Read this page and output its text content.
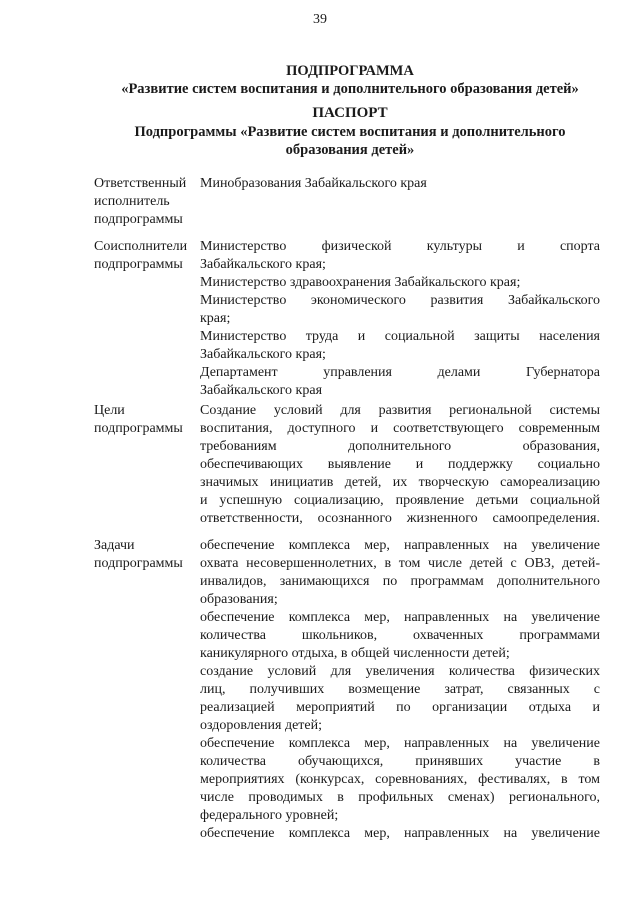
39
ПОДПРОГРАММА
«Развитие систем воспитания и дополнительного образования детей»
ПАСПОРТ
Подпрограммы «Развитие систем воспитания и дополнительного
образования детей»
Ответственный
исполнитель
подпрограммы
Минобразования Забайкальского края
Соисполнители
подпрограммы
Министерство физической культуры и спорта
Забайкальского края;
Министерство здравоохранения Забайкальского края;
Министерство экономического развития Забайкальского
края;
Министерство труда и социальной защиты населения
Забайкальского края;
Департамент управления делами Губернатора
Забайкальского края
Цели
подпрограммы
Создание условий для развития региональной системы
воспитания, доступного и соответствующего современным
требованиям дополнительного образования,
обеспечивающих выявление и поддержку социально
значимых инициатив детей, их творческую самореализацию
и успешную социализацию, проявление детьми социальной
ответственности, осознанного жизненного самоопределения.
Задачи
подпрограммы
обеспечение комплекса мер, направленных на увеличение
охвата несовершеннолетних, в том числе детей с ОВЗ, детей-
инвалидов, занимающихся по программам дополнительного
образования;
обеспечение комплекса мер, направленных на увеличение
количества школьников, охваченных программами
каникулярного отдыха, в общей численности детей;
создание условий для увеличения количества физических
лиц, получивших возмещение затрат, связанных с
реализацией мероприятий по организации отдыха и
оздоровления детей;
обеспечение комплекса мер, направленных на увеличение
количества обучающихся, принявших участие в
мероприятиях (конкурсах, соревнованиях, фестивалях, в том
числе проводимых в профильных сменах) регионального,
федерального уровней;
обеспечение комплекса мер, направленных на увеличение
